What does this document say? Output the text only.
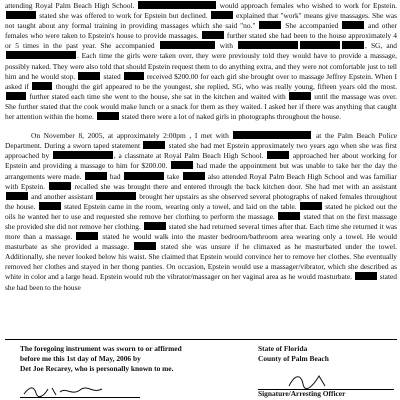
attending Royal Palm Beach High School.	would approach females who wished to work for Epstein.  stated she was offered to work for Epstein but declined.	explained that "work" means give massages. She was not taught about any formal training in providing massages which she said "no."	She accompanied	and other females who were taken to Epstein's house to provide massages.	further stated she had been to the house approximately 4 or 5 times in the past year. She accompanied	with	, SG, and . Each time the girls were taken over, they were previously told they would have to provide a massage, possibly naked. They were also told that should Epstein request them to do anything extra, and they were not comfortable just to tell him and he would stop.	stated	received $200.00 for each girl she brought over to massage Jeffrey Epstein. When I asked if	thought the girl appeared to be the youngest, she replied, SG, who was really young, fifteen years old the most.  further stated each time she went to the house, she sat in the kitchen and waited with	until the massage was over. She further stated that the cook would make lunch or a snack for them as they waited. I asked her if there was anything that caught her attention within the home.	stated there were a lot of naked girls in photographs throughout the house.

On November 8, 2005, at approximately 2:00pm , I met with	at the Palm Beach Police Department. During a sworn taped statement	stated she had met Epstein approximately two years ago when she was first approached by	, a classmate at Royal Palm Beach High School.	approached her about working for Epstein and providing a massage to him for $200.00.	had made the appointment but was unable to take her the day the arrangements were made.	had	take	also attended Royal Palm Beach High School and was familiar with Epstein.	recalled she was brought there and entered through the back kitchen door. She had met with an assistant  and another assistant	brought her upstairs as she observed several photographs of naked females throughout the house.	stated Epstein came in the room, wearing only a towel, and laid on the table.	stated he picked out the oils he wanted her to use and requested she remove her clothing to perform the massage.	stated that on the first massage she provided she did not remove her clothing.	stated she had returned several times after that. Each time she returned it was more than a massage.	stated he would walk into the master bedroom/bathroom area wearing only a towel. He would masturbate as she provided a massage.	stated she was unsure if he climaxed as he masturbated under the towel. Additionally, she never looked below his waist. She claimed that Epstein would convince her to remove her clothes. She eventually removed her clothes and stayed in her thong panties. On occasion, Epstein would use a massager/vibrator, which she described as white in color and a large head. Epstein would rub the vibrator/massager on her vaginal area as he would masturbate.	stated she had been to the house

The foregoing instrument was sworn to or affirmed
before me this 1st day of May, 2006 by
Det Joe Recarey, who is personally known to me.
State of Florida
County of Palm Beach
Signature/Arresting Officer
